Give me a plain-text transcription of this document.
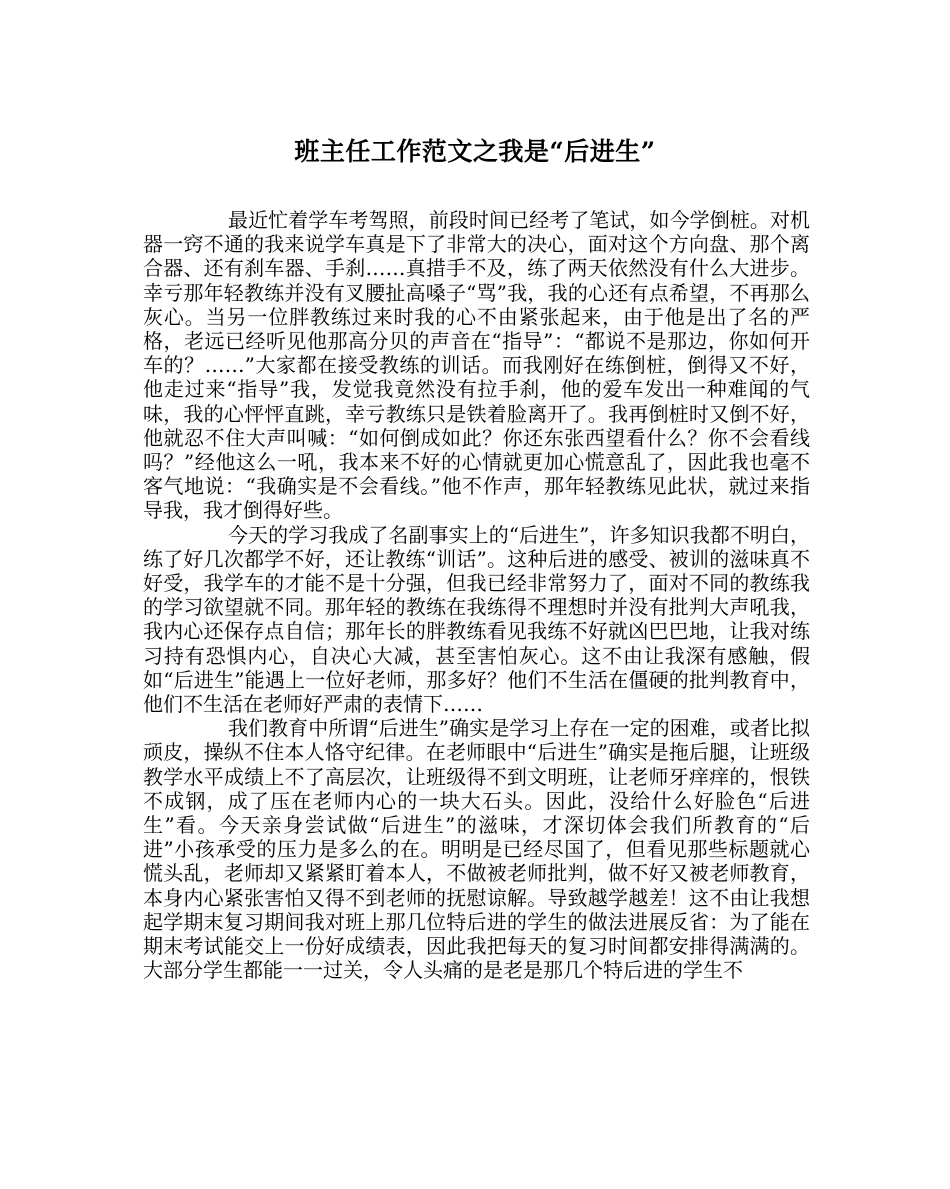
班主任工作范文之我是“后进生”

最近忙着学车考驾照，前段时间已经考了笔试，如今学倒桩。对机器一窍不通的我来说学车真是下了非常大的决心，面对这个方向盘、那个离合器、还有刹车器、手刹……真措手不及，练了两天依然没有什么大进步。幸亏那年轻教练并没有叉腰扯高嗓子“骂”我，我的心还有点希望，不再那么灰心。当另一位胖教练过来时我的心不由紧张起来，由于他是出了名的严格，老远已经听见他那高分贝的声音在“指导”：“都说不是那边，你如何开车的？……”大家都在接受教练的训话。而我刚好在练倒桩，倒得又不好，他走过来“指导”我，发觉我竟然没有拉手刹，他的爱车发出一种难闻的气味，我的心怦怦直跳，幸亏教练只是铁着脸离开了。我再倒桩时又倒不好，他就忍不住大声叫喊：“如何倒成如此？你还东张西望看什么？你不会看线吗？”经他这么一吼，我本来不好的心情就更加心慌意乱了，因此我也毫不客气地说：“我确实是不会看线。”他不作声，那年轻教练见此状，就过来指导我，我才倒得好些。

今天的学习我成了名副事实上的“后进生”，许多知识我都不明白，练了好几次都学不好，还让教练“训话”。这种后进的感受、被训的滋味真不好受，我学车的才能不是十分强，但我已经非常努力了，面对不同的教练我的学习欲望就不同。那年轻的教练在我练得不理想时并没有批判大声吼我，我内心还保存点自信；那年长的胖教练看见我练不好就凶巴巴地，让我对练习持有恐惧内心，自决心大减，甚至害怕灰心。这不由让我深有感触，假如“后进生”能遇上一位好老师，那多好？他们不生活在僵硬的批判教育中，他们不生活在老师好严肃的表情下……

我们教育中所谓“后进生”确实是学习上存在一定的困难，或者比拟顽皮，操纵不住本人恪守纪律。在老师眼中“后进生”确实是拖后腿，让班级教学水平成绩上不了高层次，让班级得不到文明班，让老师牙痒痒的，恨铁不成钢，成了压在老师内心的一块大石头。因此，没给什么好脸色“后进生”看。今天亲身尝试做“后进生”的滋味，才深切体会我们所教育的“后进”小孩承受的压力是多么的在。明明是已经尽国了，但看见那些标题就心慌头乱，老师却又紧紧盯着本人，不做被老师批判，做不好又被老师教育，本身内心紧张害怕又得不到老师的抚慰谅解。导致越学越差！这不由让我想起学期末复习期间我对班上那几位特后进的学生的做法进展反省：为了能在期末考试能交上一份好成绩表，因此我把每天的复习时间都安排得满满的。大部分学生都能一一过关，令人头痛的是老是那几个特后进的学生不
